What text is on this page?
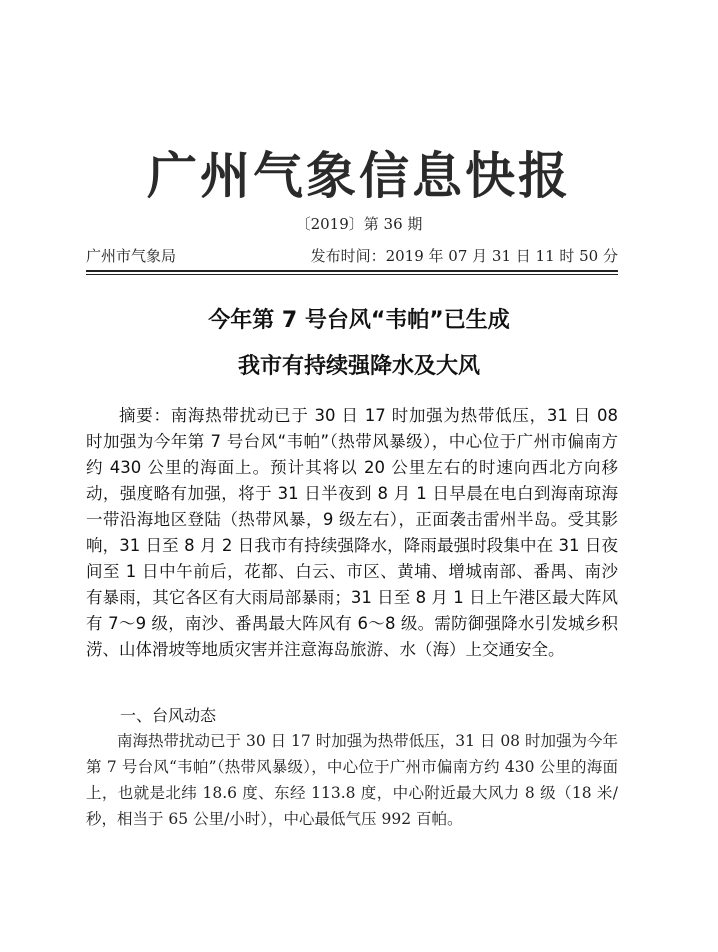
广州气象信息快报
〔2019〕第 36 期
广州市气象局	发布时间：2019 年 07 月 31 日 11 时 50 分
今年第 7 号台风“韦帕”已生成
我市有持续强降水及大风
摘要：南海热带扰动已于 30 日 17 时加强为热带低压，31 日 08 时加强为今年第 7 号台风“韦帕”（热带风暴级），中心位于广州市偏南方约 430 公里的海面上。预计其将以 20 公里左右的时速向西北方向移动，强度略有加强，将于 31 日半夜到 8 月 1 日早晨在电白到海南琼海一带沿海地区登陆（热带风暴，9 级左右），正面袭击雷州半岛。受其影响，31 日至 8 月 2 日我市有持续强降水，降雨最强时段集中在 31 日夜间至 1 日中午前后，花都、白云、市区、黄埔、增城南部、番禺、南沙有暴雨，其它各区有大雨局部暴雨；31 日至 8 月 1 日上午港区最大阵风有 7～9 级，南沙、番禺最大阵风有 6～8 级。需防御强降水引发城乡积涝、山体滑坡等地质灾害并注意海岛旅游、水（海）上交通安全。
一、台风动态
南海热带扰动已于 30 日 17 时加强为热带低压，31 日 08 时加强为今年第 7 号台风“韦帕”（热带风暴级），中心位于广州市偏南方约 430 公里的海面上，也就是北纬 18.6 度、东经 113.8 度，中心附近最大风力 8 级（18 米/秒，相当于 65 公里/小时），中心最低气压 992 百帕。
